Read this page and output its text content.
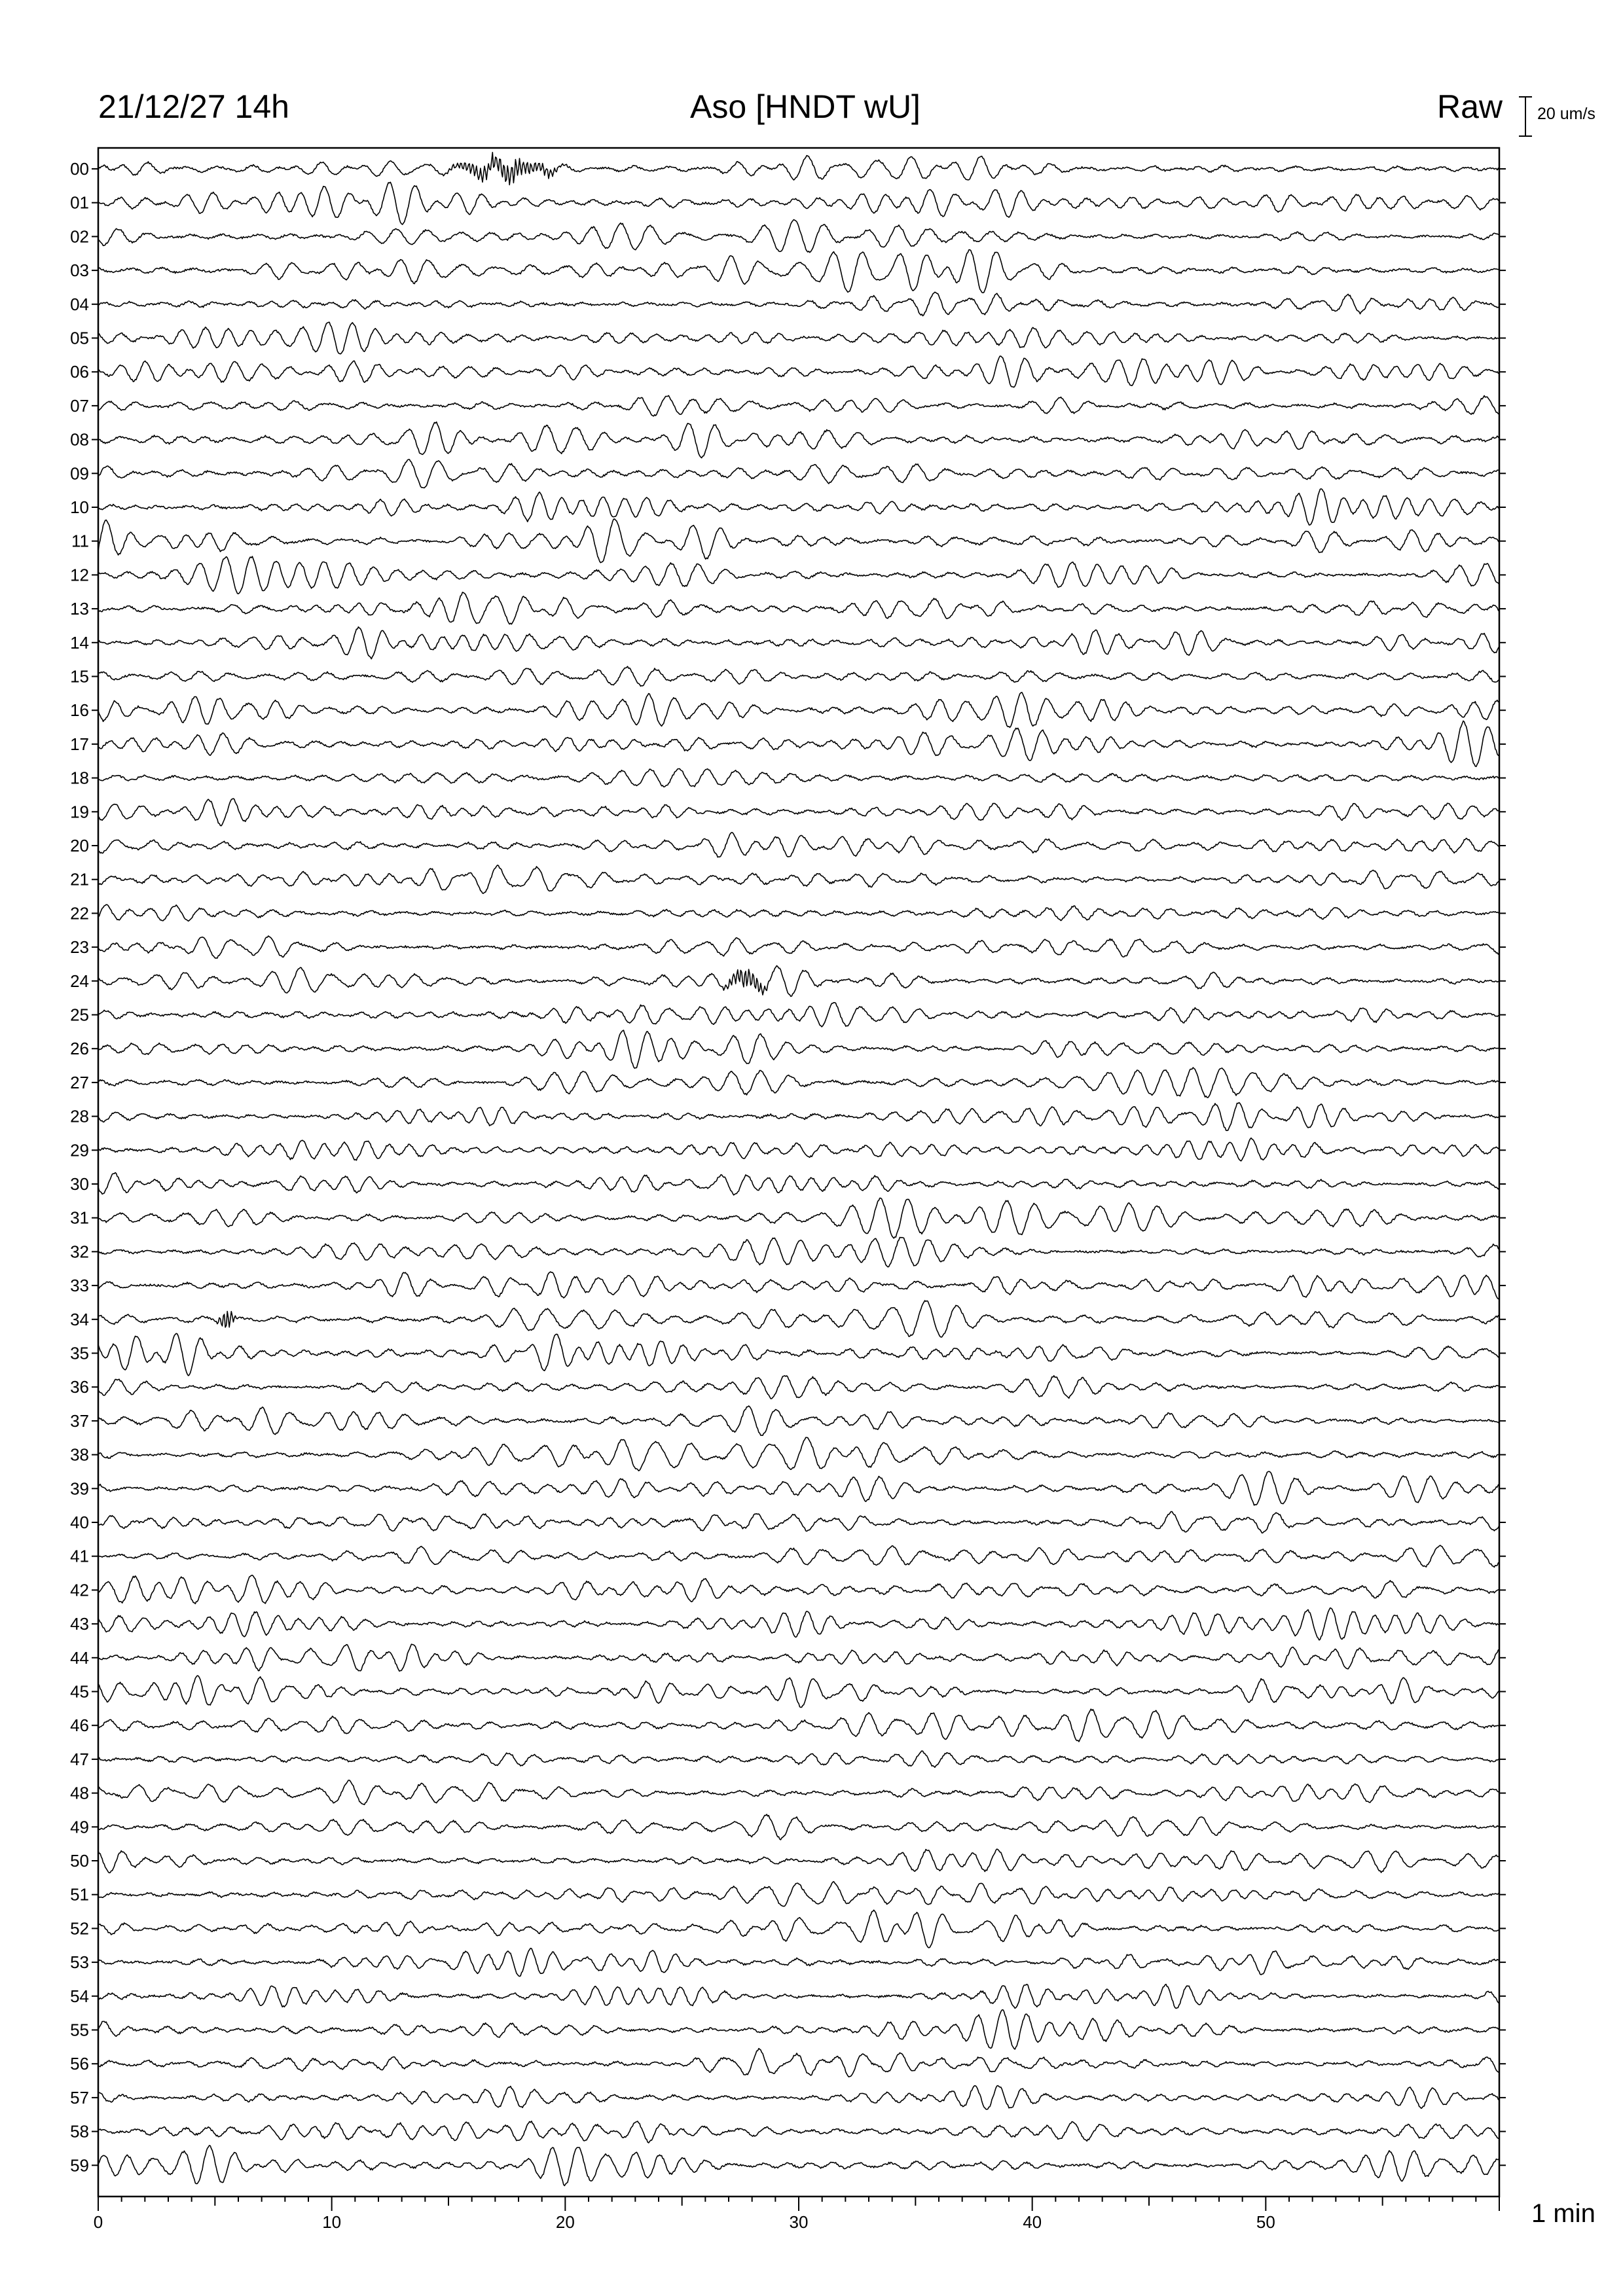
21/12/27 14h	Aso [HNDT wU]	Raw 20 um/s
1 min
0	10	20	30	40	50
00
01
02
03
04
05
06
07
08
09
10
11
12
13
14
15
16
17
18
19
20
21
22
23
24
25
26
27
28
29
30
31
32
33
34
35
36
37
38
39
40
41
42
43
44
45
46
47
48
49
50
51
52
53
54
55
56
57
58
59
